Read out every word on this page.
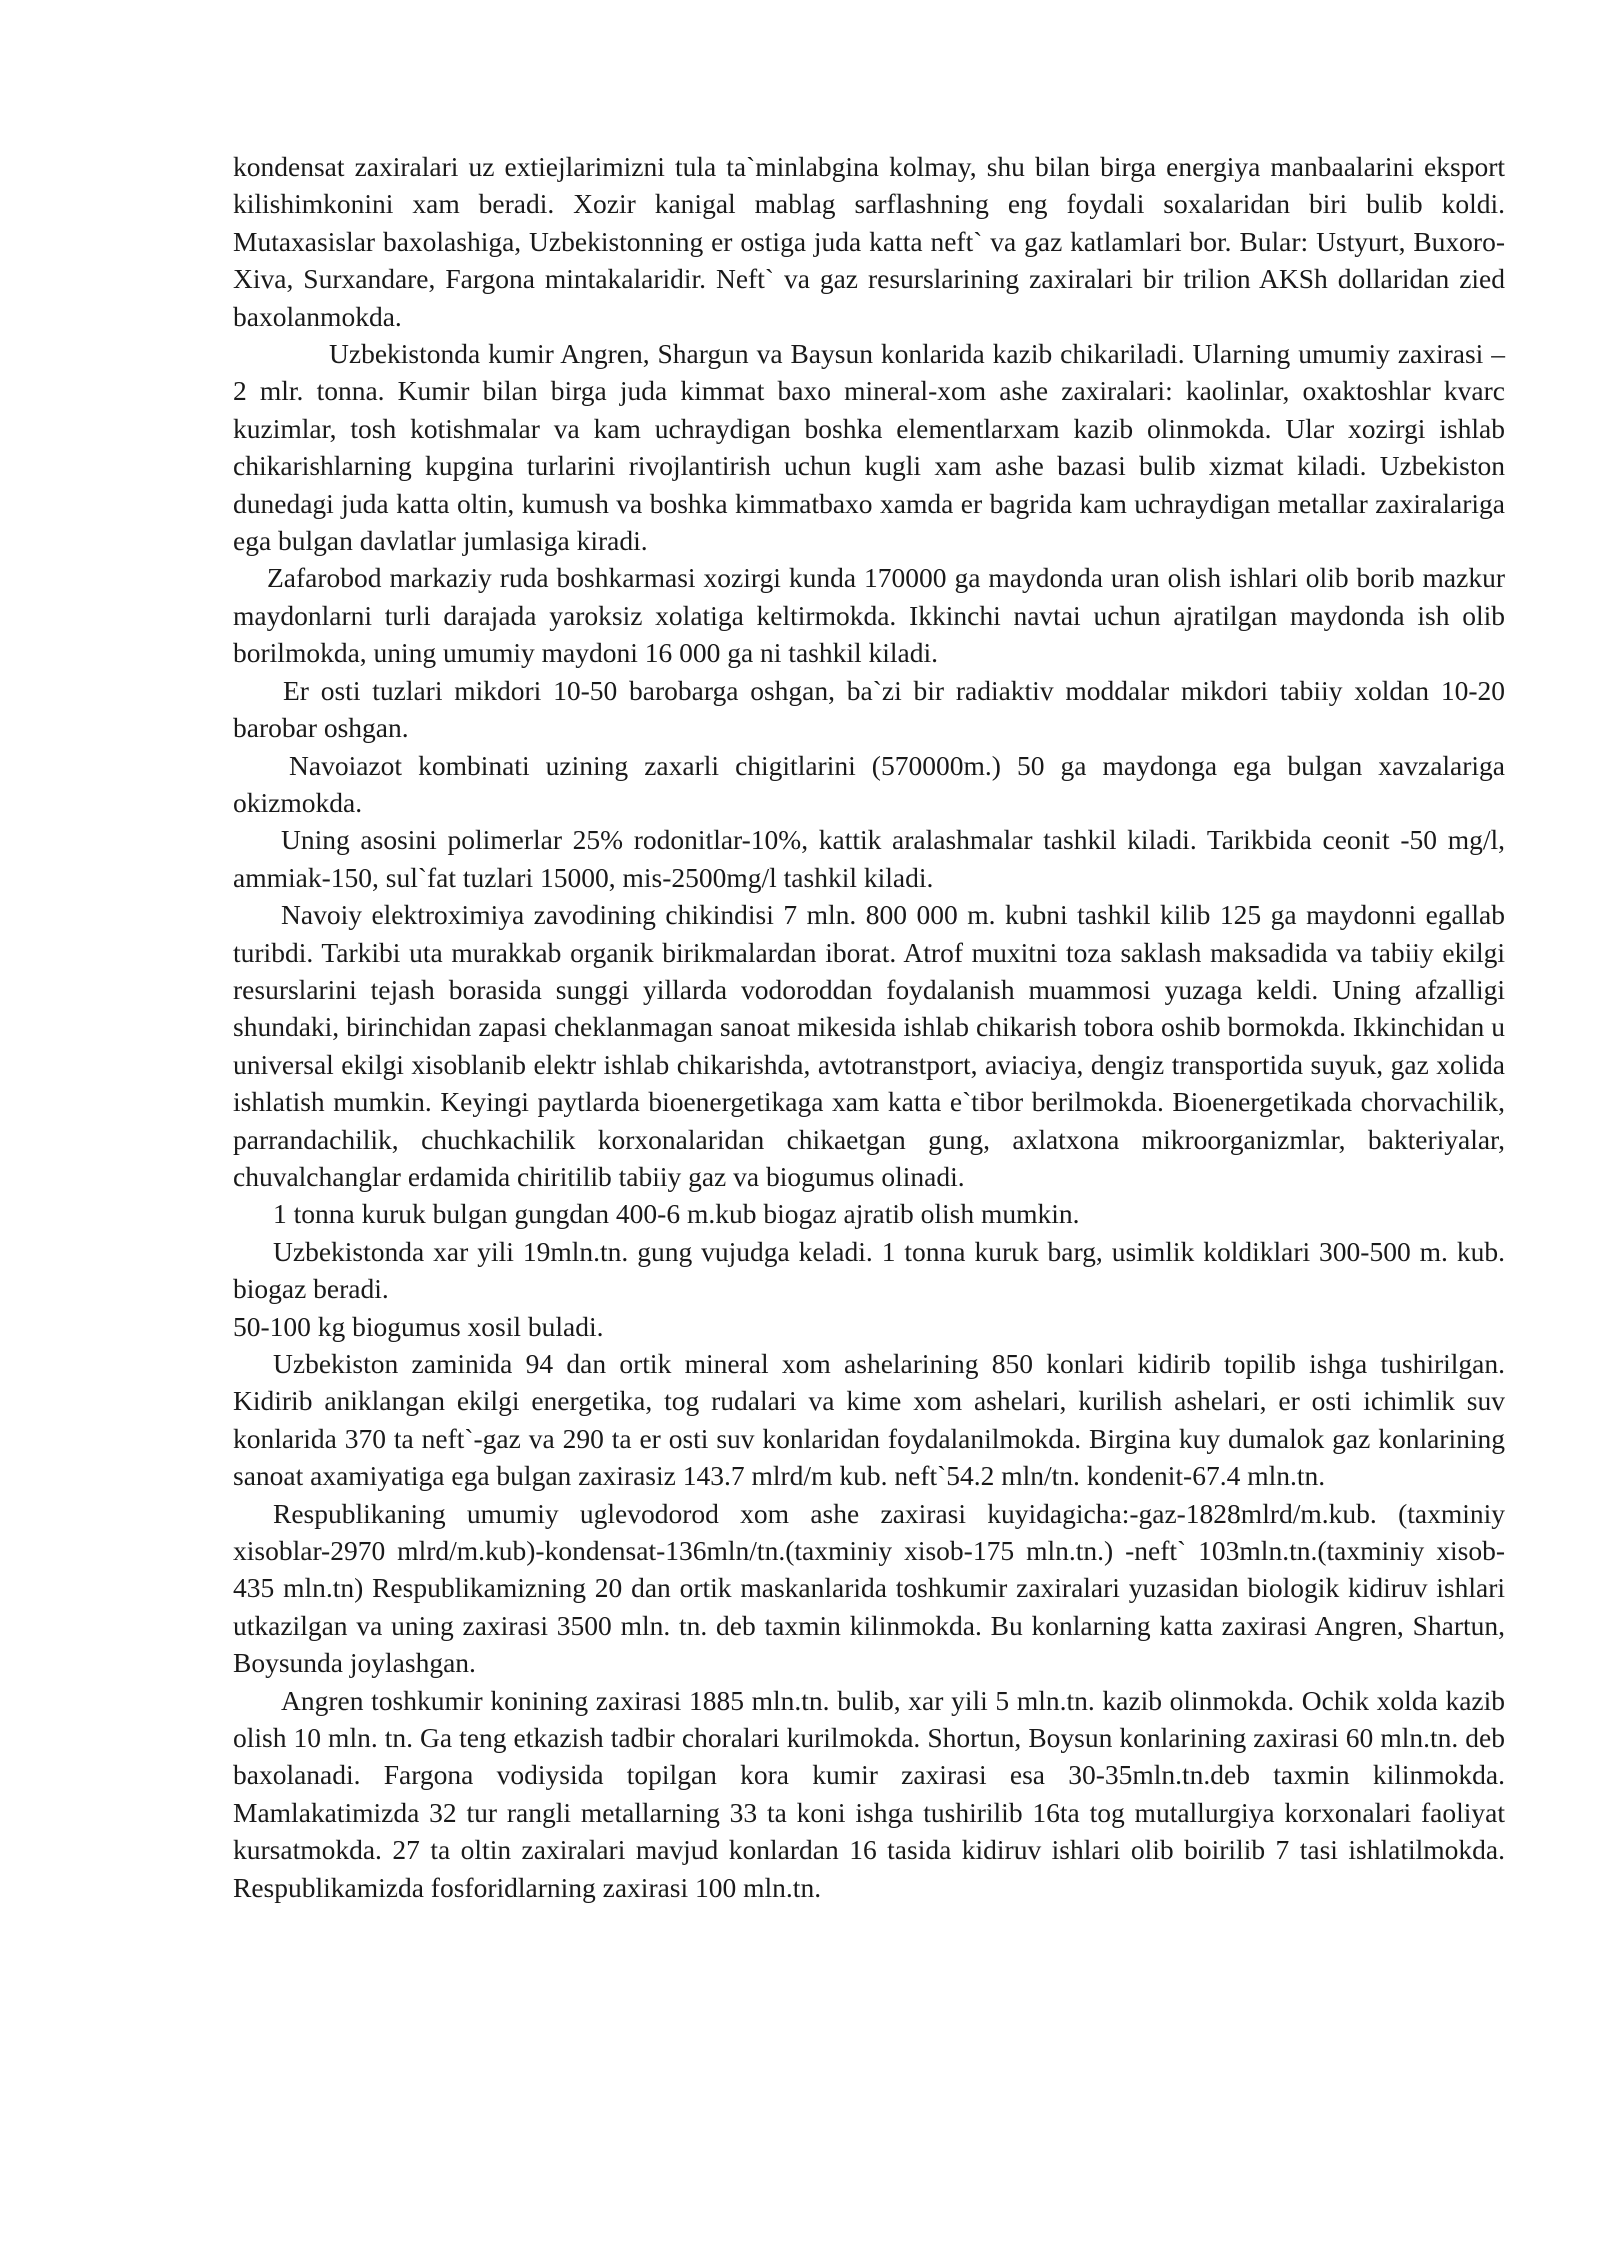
kondensat zaxiralari uz extiejlarimizni tula ta`minlabgina kolmay, shu bilan birga energiya manbaalarini eksport kilishimkonini xam beradi. Xozir kanigal mablag sarflashning eng foydali soxalaridan biri bulib koldi. Mutaxasislar baxolashiga, Uzbekistonning er ostiga juda katta neft` va gaz katlamlari bor. Bular: Ustyurt, Buxoro-Xiva, Surxandare, Fargona mintakalaridir. Neft` va gaz resurslarining zaxiralari bir trilion AKSh dollaridan zied baxolanmokda.

Uzbekistonda kumir Angren, Shargun va Baysun konlarida kazib chikariladi. Ularning umumiy zaxirasi – 2 mlr. tonna. Kumir bilan birga juda kimmat baxo mineral-xom ashe zaxiralari: kaolinlar, oxaktoshlar kvarc kuzimlar, tosh kotishmalar va kam uchraydigan boshka elementlarxam kazib olinmokda. Ular xozirgi ishlab chikarishlarning kupgina turlarini rivojlantirish uchun kugli xam ashe bazasi bulib xizmat kiladi. Uzbekiston dunedagi juda katta oltin, kumush va boshka kimmatbaxo xamda er bagrida kam uchraydigan metallar zaxiralariga ega bulgan davlatlar jumlasiga kiradi.

Zafarobod markaziy ruda boshkarmasi xozirgi kunda 170000 ga maydonda uran olish ishlari olib borib mazkur maydonlarni turli darajada yaroksiz xolatiga keltirmokda. Ikkinchi navtai uchun ajratilgan maydonda ish olib borilmokda, uning umumiy maydoni 16 000 ga ni tashkil kiladi.

Er osti tuzlari mikdori 10-50 barobarga oshgan, ba`zi bir radiaktiv moddalar mikdori tabiiy xoldan 10-20 barobar oshgan.

Navoiazot kombinati uzining zaxarli chigitlarini (570000m.) 50 ga maydonga ega bulgan xavzalariga okizmokda.

Uning asosini polimerlar 25% rodonitlar-10%, kattik aralashmalar tashkil kiladi. Tarikbida ceonit -50 mg/l, ammiak-150, sul`fat tuzlari 15000, mis-2500mg/l tashkil kiladi.

Navoiy elektroximiya zavodining chikindisi 7 mln. 800 000 m. kubni tashkil kilib 125 ga maydonni egallab turibdi. Tarkibi uta murakkab organik birikmalardan iborat. Atrof muxitni toza saklash maksadida va tabiiy ekilgi resurslarini tejash borasida sunggi yillarda vodoroddan foydalanish muammosi yuzaga keldi. Uning afzalligi shundaki, birinchidan zapasi cheklanmagan sanoat mikesida ishlab chikarish tobora oshib bormokda. Ikkinchidan u universal ekilgi xisoblanib elektr ishlab chikarishda, avtotranstport, aviaciya, dengiz transportida suyuk, gaz xolida ishlatish mumkin. Keyingi paytlarda bioenergetikaga xam katta e`tibor berilmokda. Bioenergetikada chorvachilik, parrandachilik, chuchkachilik korxonalaridan chikaetgan gung, axlatxona mikroorganizmlar, bakteriyalar, chuvalchanglar erdamida chiritilib tabiiy gaz va biogumus olinadi.

1 tonna kuruk bulgan gungdan 400-6 m.kub biogaz ajratib olish mumkin.

Uzbekistonda xar yili 19mln.tn. gung vujudga keladi. 1 tonna kuruk barg, usimlik koldiklari 300-500 m. kub. biogaz beradi.

50-100 kg biogumus xosil buladi.

Uzbekiston zaminida 94 dan ortik mineral xom ashelarining 850 konlari kidirib topilib ishga tushirilgan. Kidirib aniklangan ekilgi energetika, tog rudalari va kime xom ashelari, kurilish ashelari, er osti ichimlik suv konlarida 370 ta neft`-gaz va 290 ta er osti suv konlaridan foydalanilmokda. Birgina kuy dumalok gaz konlarining sanoat axamiyatiga ega bulgan zaxirasiz 143.7 mlrd/m kub. neft`54.2 mln/tn. kondenit-67.4 mln.tn.

Respublikaning umumiy uglevodorod xom ashe zaxirasi kuyidagicha:-gaz-1828mlrd/m.kub. (taxminiy xisoblar-2970 mlrd/m.kub)-kondensat-136mln/tn.(taxminiy xisob-175 mln.tn.) -neft` 103mln.tn.(taxminiy xisob-435 mln.tn) Respublikamizning 20 dan ortik maskanlarida toshkumir zaxiralari yuzasidan biologik kidiruv ishlari utkazilgan va uning zaxirasi 3500 mln. tn. deb taxmin kilinmokda. Bu konlarning katta zaxirasi Angren, Shartun, Boysunda joylashgan.

Angren toshkumir konining zaxirasi 1885 mln.tn. bulib, xar yili 5 mln.tn. kazib olinmokda. Ochik xolda kazib olish 10 mln. tn. Ga teng etkazish tadbir choralari kurilmokda. Shortun, Boysun konlarining zaxirasi 60 mln.tn. deb baxolanadi. Fargona vodiysida topilgan kora kumir zaxirasi esa 30-35mln.tn.deb taxmin kilinmokda. Mamlakatimizda 32 tur rangli metallarning 33 ta koni ishga tushirilib 16ta tog mutallurgiya korxonalari faoliyat kursatmokda. 27 ta oltin zaxiralari mavjud konlardan 16 tasida kidiruv ishlari olib boirilib 7 tasi ishlatilmokda. Respublikamizda fosforidlarning zaxirasi 100 mln.tn.
